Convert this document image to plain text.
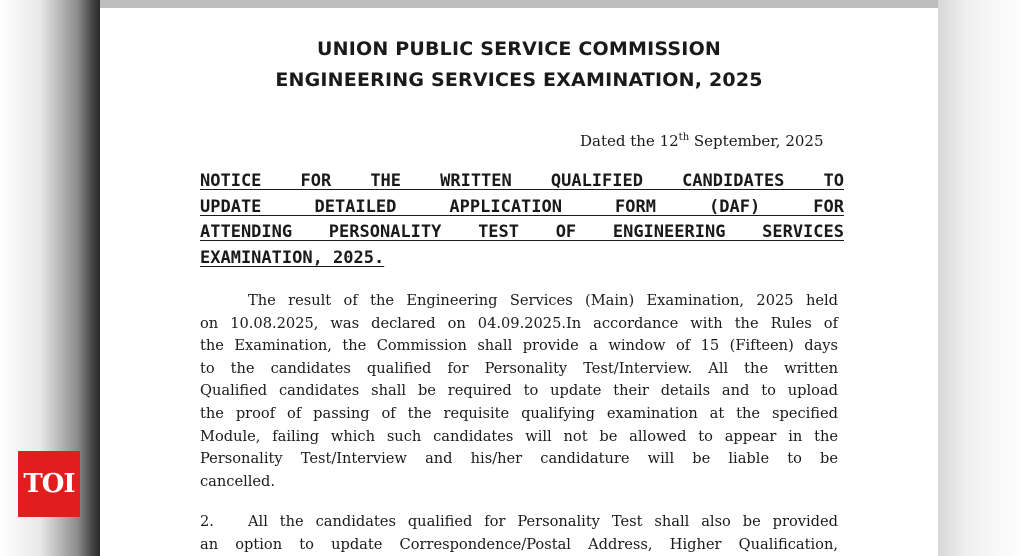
UNION PUBLIC SERVICE COMMISSION
ENGINEERING SERVICES EXAMINATION, 2025
Dated the 12th September, 2025
NOTICE FOR THE WRITTEN QUALIFIED CANDIDATES TO
UPDATE DETAILED APPLICATION FORM (DAF) FOR
ATTENDING PERSONALITY TEST OF ENGINEERING SERVICES
EXAMINATION, 2025.
The result of the Engineering Services (Main) Examination, 2025 held
on 10.08.2025, was declared on 04.09.2025.In accordance with the Rules of
the Examination, the Commission shall provide a window of 15 (Fifteen) days
to the candidates qualified for Personality Test/Interview. All the written
Qualified candidates shall be required to update their details and to upload
the proof of passing of the requisite qualifying examination at the specified
Module, failing which such candidates will not be allowed to appear in the
Personality Test/Interview and his/her candidature will be liable to be
cancelled.
2. All the candidates qualified for Personality Test shall also be provided
an option to update Correspondence/Postal Address, Higher Qualification,
TOI
